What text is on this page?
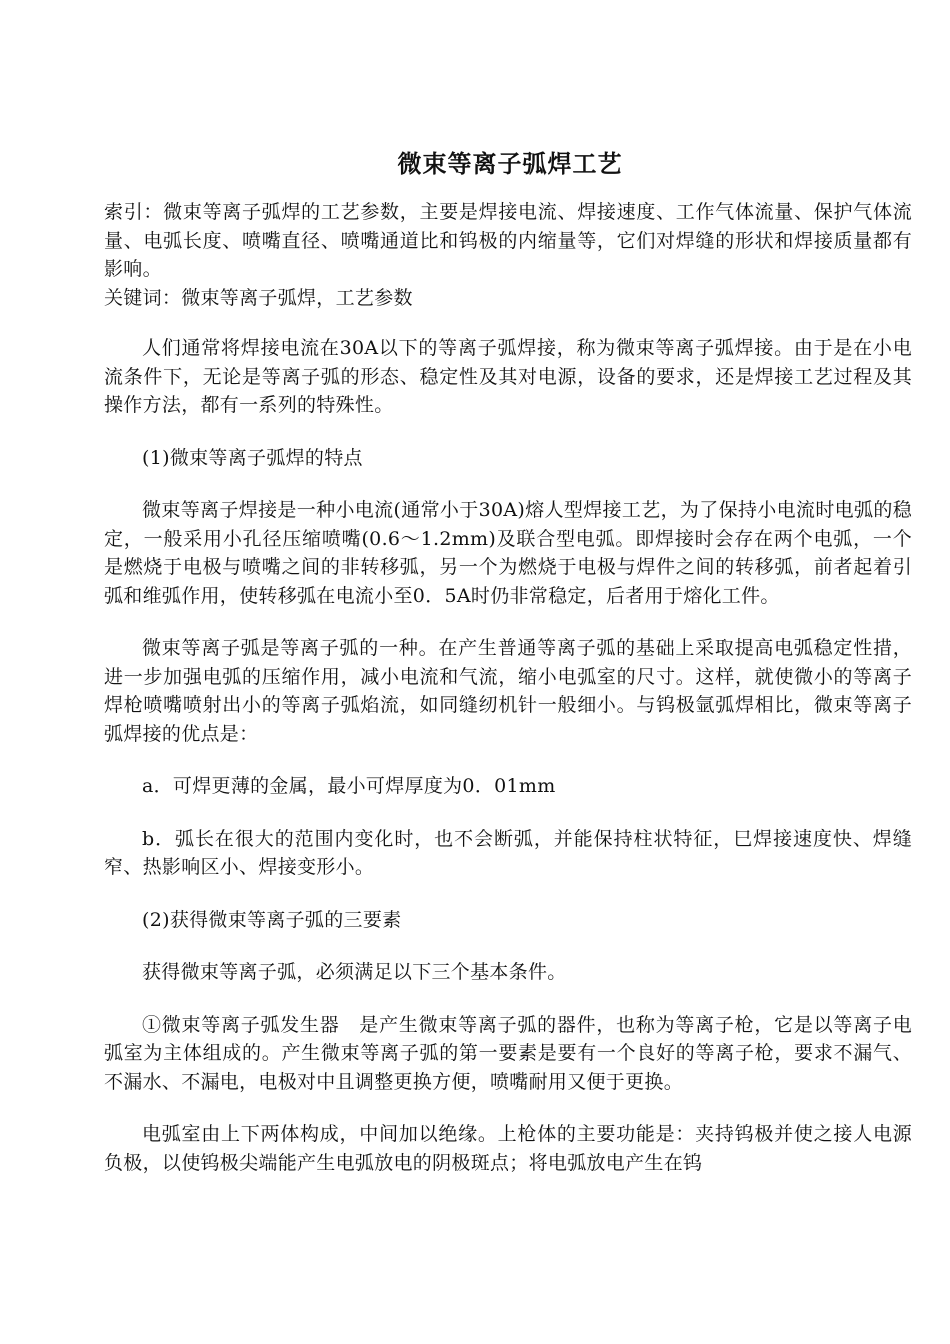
微束等离子弧焊工艺

索引：微束等离子弧焊的工艺参数，主要是焊接电流、焊接速度、工作气体流量、保护气体流量、电弧长度、喷嘴直径、喷嘴通道比和钨极的内缩量等，它们对焊缝的形状和焊接质量都有影响。

关键词：微束等离子弧焊，工艺参数

人们通常将焊接电流在30A以下的等离子弧焊接，称为微束等离子弧焊接。由于是在小电流条件下，无论是等离子弧的形态、稳定性及其对电源，设备的要求，还是焊接工艺过程及其操作方法，都有一系列的特殊性。

(1)微束等离子弧焊的特点

微束等离子焊接是一种小电流(通常小于30A)熔人型焊接工艺，为了保持小电流时电弧的稳定，一般采用小孔径压缩喷嘴(0.6～1.2mm)及联合型电弧。即焊接时会存在两个电弧，一个是燃烧于电极与喷嘴之间的非转移弧，另一个为燃烧于电极与焊件之间的转移弧，前者起着引弧和维弧作用，使转移弧在电流小至0．5A时仍非常稳定，后者用于熔化工件。

微束等离子弧是等离子弧的一种。在产生普通等离子弧的基础上采取提高电弧稳定性措，进一步加强电弧的压缩作用，减小电流和气流，缩小电弧室的尺寸。这样，就使微小的等离子焊枪喷嘴喷射出小的等离子弧焰流，如同缝纫机针一般细小。与钨极氩弧焊相比，微束等离子弧焊接的优点是：

a．可焊更薄的金属，最小可焊厚度为0．01mm

b．弧长在很大的范围内变化时，也不会断弧，并能保持柱状特征，巳焊接速度快、焊缝窄、热影响区小、焊接变形小。

(2)获得微束等离子弧的三要素

获得微束等离子弧，必须满足以下三个基本条件。

①微束等离子弧发生器　是产生微束等离子弧的器件，也称为等离子枪，它是以等离子电弧室为主体组成的。产生微束等离子弧的第一要素是要有一个良好的等离子枪，要求不漏气、不漏水、不漏电，电极对中且调整更换方便，喷嘴耐用又便于更换。

电弧室由上下两体构成，中间加以绝缘。上枪体的主要功能是：夹持钨极并使之接人电源负极，以使钨极尖端能产生电弧放电的阴极斑点；将电弧放电产生在钨
